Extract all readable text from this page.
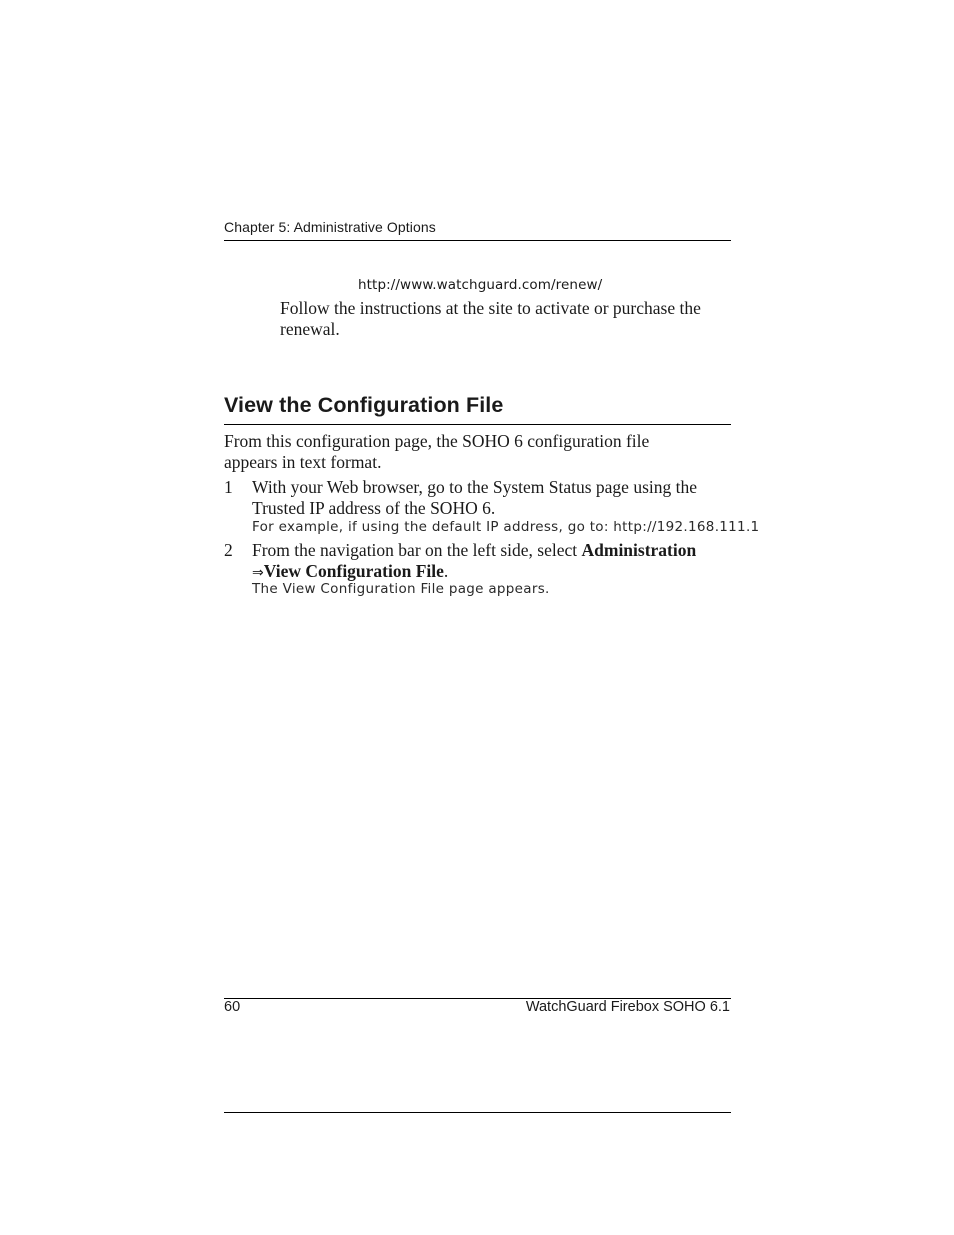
Chapter 5: Administrative Options
http://www.watchguard.com/renew/
Follow the instructions at the site to activate or purchase the renewal.
View the Configuration File
From this configuration page, the SOHO 6 configuration file appears in text format.
1 With your Web browser, go to the System Status page using the Trusted IP address of the SOHO 6.
For example, if using the default IP address, go to: http://192.168.111.1
2 From the navigation bar on the left side, select Administration ⇒View Configuration File.
The View Configuration File page appears.
60	WatchGuard Firebox SOHO 6.1
